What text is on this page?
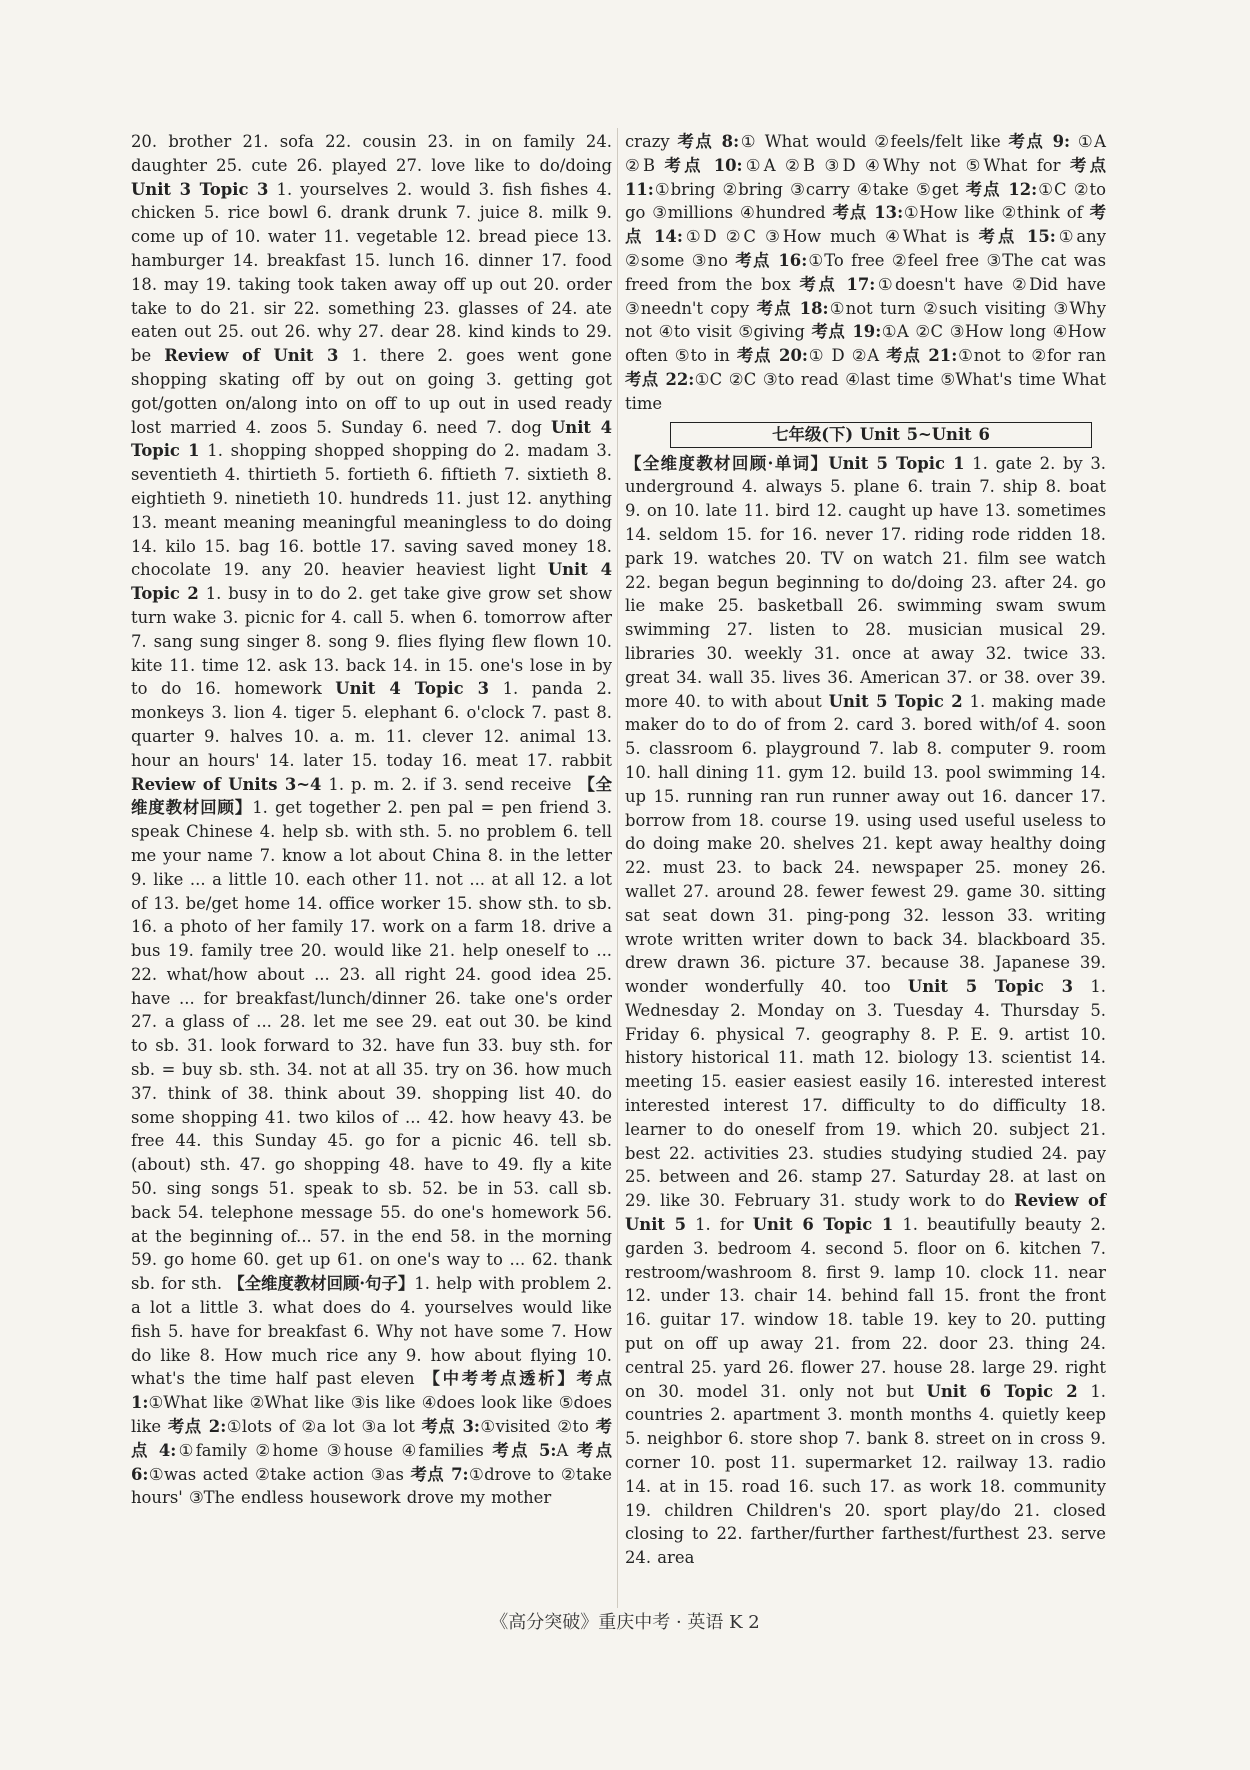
20. brother 21. sofa 22. cousin 23. in on family 24. daughter 25. cute 26. played 27. love like to do/doing Unit 3 Topic 3 1. yourselves 2. would 3. fish fishes 4. chicken 5. rice bowl 6. drank drunk 7. juice 8. milk 9. come up of 10. water 11. vegetable 12. bread piece 13. hamburger 14. breakfast 15. lunch 16. dinner 17. food 18. may 19. taking took taken away off up out 20. order take to do 21. sir 22. something 23. glasses of 24. ate eaten out 25. out 26. why 27. dear 28. kind kinds to 29. be Review of Unit 3 1. there 2. goes went gone shopping skating off by out on going 3. getting got got/gotten on/along into on off to up out in used ready lost married 4. zoos 5. Sunday 6. need 7. dog Unit 4 Topic 1 1. shopping shopped shopping do 2. madam 3. seventieth 4. thirtieth 5. fortieth 6. fiftieth 7. sixtieth 8. eightieth 9. ninetieth 10. hundreds 11. just 12. anything 13. meant meaning meaningful meaningless to do doing 14. kilo 15. bag 16. bottle 17. saving saved money 18. chocolate 19. any 20. heavier heaviest light Unit 4 Topic 2 1. busy in to do 2. get take give grow set show turn wake 3. picnic for 4. call 5. when 6. tomorrow after 7. sang sung singer 8. song 9. flies flying flew flown 10. kite 11. time 12. ask 13. back 14. in 15. one's lose in by to do 16. homework Unit 4 Topic 3 1. panda 2. monkeys 3. lion 4. tiger 5. elephant 6. o'clock 7. past 8. quarter 9. halves 10. a. m. 11. clever 12. animal 13. hour an hours' 14. later 15. today 16. meat 17. rabbit Review of Units 3~4 1. p. m. 2. if 3. send receive 【全维度教材回顾】1. get together 2. pen pal = pen friend 3. speak Chinese 4. help sb. with sth. 5. no problem 6. tell me your name 7. know a lot about China 8. in the letter 9. like ... a little 10. each other 11. not ... at all 12. a lot of 13. be/get home 14. office worker 15. show sth. to sb. 16. a photo of her family 17. work on a farm 18. drive a bus 19. family tree 20. would like 21. help oneself to ... 22. what/how about ... 23. all right 24. good idea 25. have ... for breakfast/lunch/dinner 26. take one's order 27. a glass of ... 28. let me see 29. eat out 30. be kind to sb. 31. look forward to 32. have fun 33. buy sth. for sb. = buy sb. sth. 34. not at all 35. try on 36. how much 37. think of 38. think about 39. shopping list 40. do some shopping 41. two kilos of ... 42. how heavy 43. be free 44. this Sunday 45. go for a picnic 46. tell sb. (about) sth. 47. go shopping 48. have to 49. fly a kite 50. sing songs 51. speak to sb. 52. be in 53. call sb. back 54. telephone message 55. do one's homework 56. at the beginning of... 57. in the end 58. in the morning 59. go home 60. get up 61. on one's way to ... 62. thank sb. for sth. 【全维度教材回顾·句子】1. help with problem 2. a lot a little 3. what does do 4. yourselves would like fish 5. have for breakfast 6. Why not have some 7. How do like 8. How much rice any 9. how about flying 10. what's the time half past eleven 【中考考点透析】考点 1:①What like ②What like ③is like ④does look like ⑤does like 考点 2:①lots of ②a lot ③a lot 考点 3:①visited ②to 考点 4:①family ②home ③house ④families 考点 5:A 考点 6:①was acted ②take action ③as 考点 7:①drove to ②take hours' ③The endless housework drove my mother

crazy 考点 8:① What would ②feels/felt like 考点 9: ①A ②B 考点 10:①A ②B ③D ④Why not ⑤What for 考点 11:①bring ②bring ③carry ④take ⑤get 考点 12:①C ②to go ③millions ④hundred 考点 13:①How like ②think of 考点 14:①D ②C ③How much ④What is 考点 15:①any ②some ③no 考点 16:①To free ②feel free ③The cat was freed from the box 考点 17:①doesn't have ②Did have ③needn't copy 考点 18:①not turn ②such visiting ③Why not ④to visit ⑤giving 考点 19:①A ②C ③How long ④How often ⑤to in 考点 20:① D ②A 考点 21:①not to ②for ran 考点 22:①C ②C ③to read ④last time ⑤What's time What time

七年级(下) Unit 5~Unit 6

【全维度教材回顾·单词】Unit 5 Topic 1 1. gate 2. by 3. underground 4. always 5. plane 6. train 7. ship 8. boat 9. on 10. late 11. bird 12. caught up have 13. sometimes 14. seldom 15. for 16. never 17. riding rode ridden 18. park 19. watches 20. TV on watch 21. film see watch 22. began begun beginning to do/doing 23. after 24. go lie make 25. basketball 26. swimming swam swum swimming 27. listen to 28. musician musical 29. libraries 30. weekly 31. once at away 32. twice 33. great 34. wall 35. lives 36. American 37. or 38. over 39. more 40. to with about Unit 5 Topic 2 1. making made maker do to do of from 2. card 3. bored with/of 4. soon 5. classroom 6. playground 7. lab 8. computer 9. room 10. hall dining 11. gym 12. build 13. pool swimming 14. up 15. running ran run runner away out 16. dancer 17. borrow from 18. course 19. using used useful useless to do doing make 20. shelves 21. kept away healthy doing 22. must 23. to back 24. newspaper 25. money 26. wallet 27. around 28. fewer fewest 29. game 30. sitting sat seat down 31. ping-pong 32. lesson 33. writing wrote written writer down to back 34. blackboard 35. drew drawn 36. picture 37. because 38. Japanese 39. wonder wonderfully 40. too Unit 5 Topic 3 1. Wednesday 2. Monday on 3. Tuesday 4. Thursday 5. Friday 6. physical 7. geography 8. P. E. 9. artist 10. history historical 11. math 12. biology 13. scientist 14. meeting 15. easier easiest easily 16. interested interest interested interest 17. difficulty to do difficulty 18. learner to do oneself from 19. which 20. subject 21. best 22. activities 23. studies studying studied 24. pay 25. between and 26. stamp 27. Saturday 28. at last on 29. like 30. February 31. study work to do Review of Unit 5 1. for Unit 6 Topic 1 1. beautifully beauty 2. garden 3. bedroom 4. second 5. floor on 6. kitchen 7. restroom/washroom 8. first 9. lamp 10. clock 11. near 12. under 13. chair 14. behind fall 15. front the front 16. guitar 17. window 18. table 19. key to 20. putting put on off up away 21. from 22. door 23. thing 24. central 25. yard 26. flower 27. house 28. large 29. right on 30. model 31. only not but Unit 6 Topic 2 1. countries 2. apartment 3. month months 4. quietly keep 5. neighbor 6. store shop 7. bank 8. street on in cross 9. corner 10. post 11. supermarket 12. railway 13. radio 14. at in 15. road 16. such 17. as work 18. community 19. children Children's 20. sport play/do 21. closed closing to 22. farther/further farthest/furthest 23. serve 24. area

《高分突破》重庆中考 · 英语 K 2
